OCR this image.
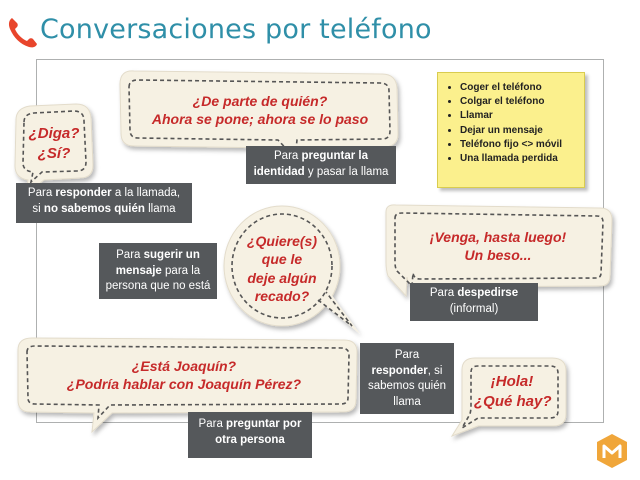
Conversaciones por teléfono
¿Diga?
¿Sí?
¿De parte de quién?
Ahora se pone; ahora se lo paso
¿Quiere(s)
que le
deje algún
recado?
¡Venga, hasta luego!
Un beso...
¿Está Joaquín?
¿Podría hablar con Joaquín Pérez?	¡Hola!
¿Qué hay?
Para responder a la llamada,
si no sabemos quién llama
Para preguntar la
identidad y pasar la llama
Para sugerir un
mensaje para la
persona que no está
Para despedirse
(informal)
Para
responder, si
sabemos quién
llama
Para preguntar por
otra persona
• Coger el teléfono
• Colgar el teléfono
• Llamar
• Dejar un mensaje
• Teléfono fijo <> móvil
• Una llamada perdida
